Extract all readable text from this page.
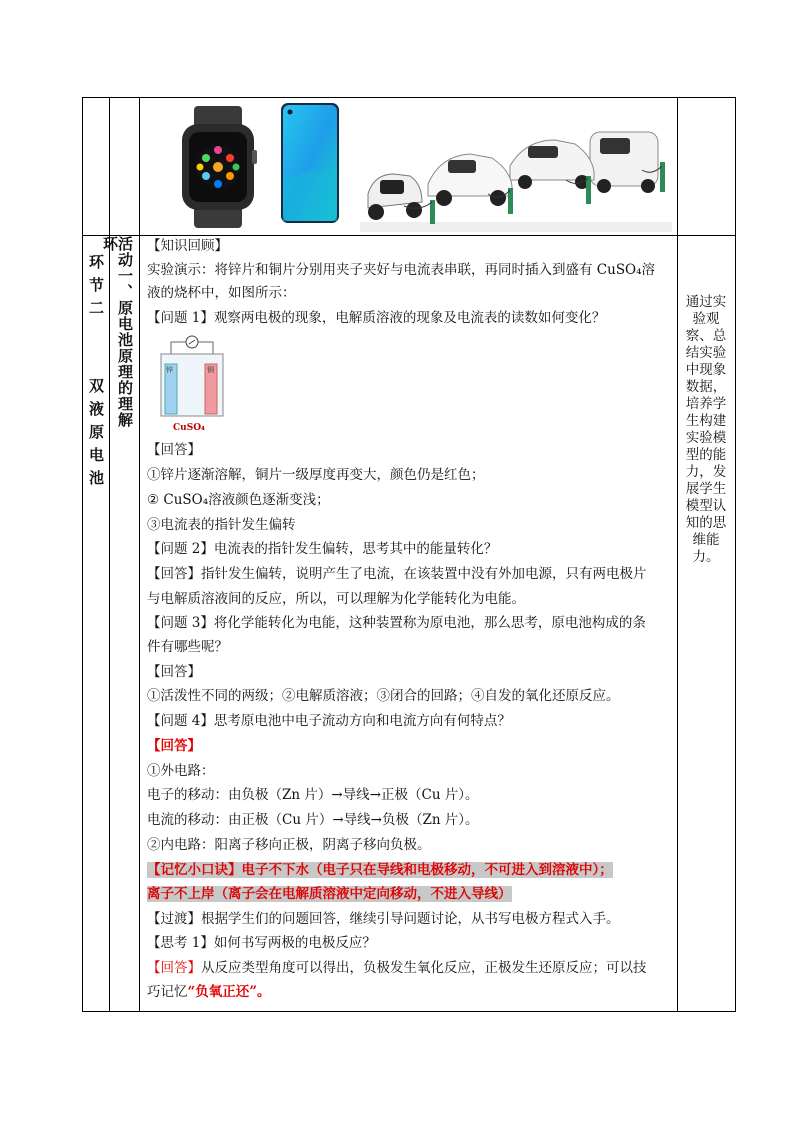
环
环节二
双液原电池
活动一、原电池原理的理解 【知识回顾】
实验演示：将锌片和铜片分别用夹子夹好与电流表串联，再同时插入到盛有 CuSO₄溶
液的烧杯中，如图所示：
【问题 1】观察两电极的现象，电解质溶液的现象及电流表的读数如何变化？
锌	铜
CuSO₄
【回答】
①锌片逐渐溶解，铜片一级厚度再变大，颜色仍是红色；
② CuSO₄溶液颜色逐渐变浅；
③电流表的指针发生偏转
【问题 2】电流表的指针发生偏转，思考其中的能量转化？
【回答】指针发生偏转，说明产生了电流，在该装置中没有外加电源，只有两电极片
与电解质溶液间的反应，所以，可以理解为化学能转化为电能。
【问题 3】将化学能转化为电能，这种装置称为原电池，那么思考，原电池构成的条
件有哪些呢？
【回答】
①活泼性不同的两级；②电解质溶液；③闭合的回路；④自发的氧化还原反应。
【问题 4】思考原电池中电子流动方向和电流方向有何特点？
【回答】
①外电路：
电子的移动：由负极（Zn 片）→导线→正极（Cu 片）。
电流的移动：由正极（Cu 片）→导线→负极（Zn 片）。
②内电路：阳离子移向正极，阴离子移向负极。
【记忆小口诀】电子不下水（电子只在导线和电极移动，不可进入到溶液中）；
离子不上岸（离子会在电解质溶液中定向移动，不进入导线）
【过渡】根据学生们的问题回答，继续引导问题讨论，从书写电极方程式入手。
【思考 1】如何书写两极的电极反应？
【回答】从反应类型角度可以得出，负极发生氧化反应，正极发生还原反应；可以技
巧记忆“负氧正还”。
通过实验观察、总结实验中现象数据，培养学生构建实验模型的能力，发展学生模型认知的思维能力。
